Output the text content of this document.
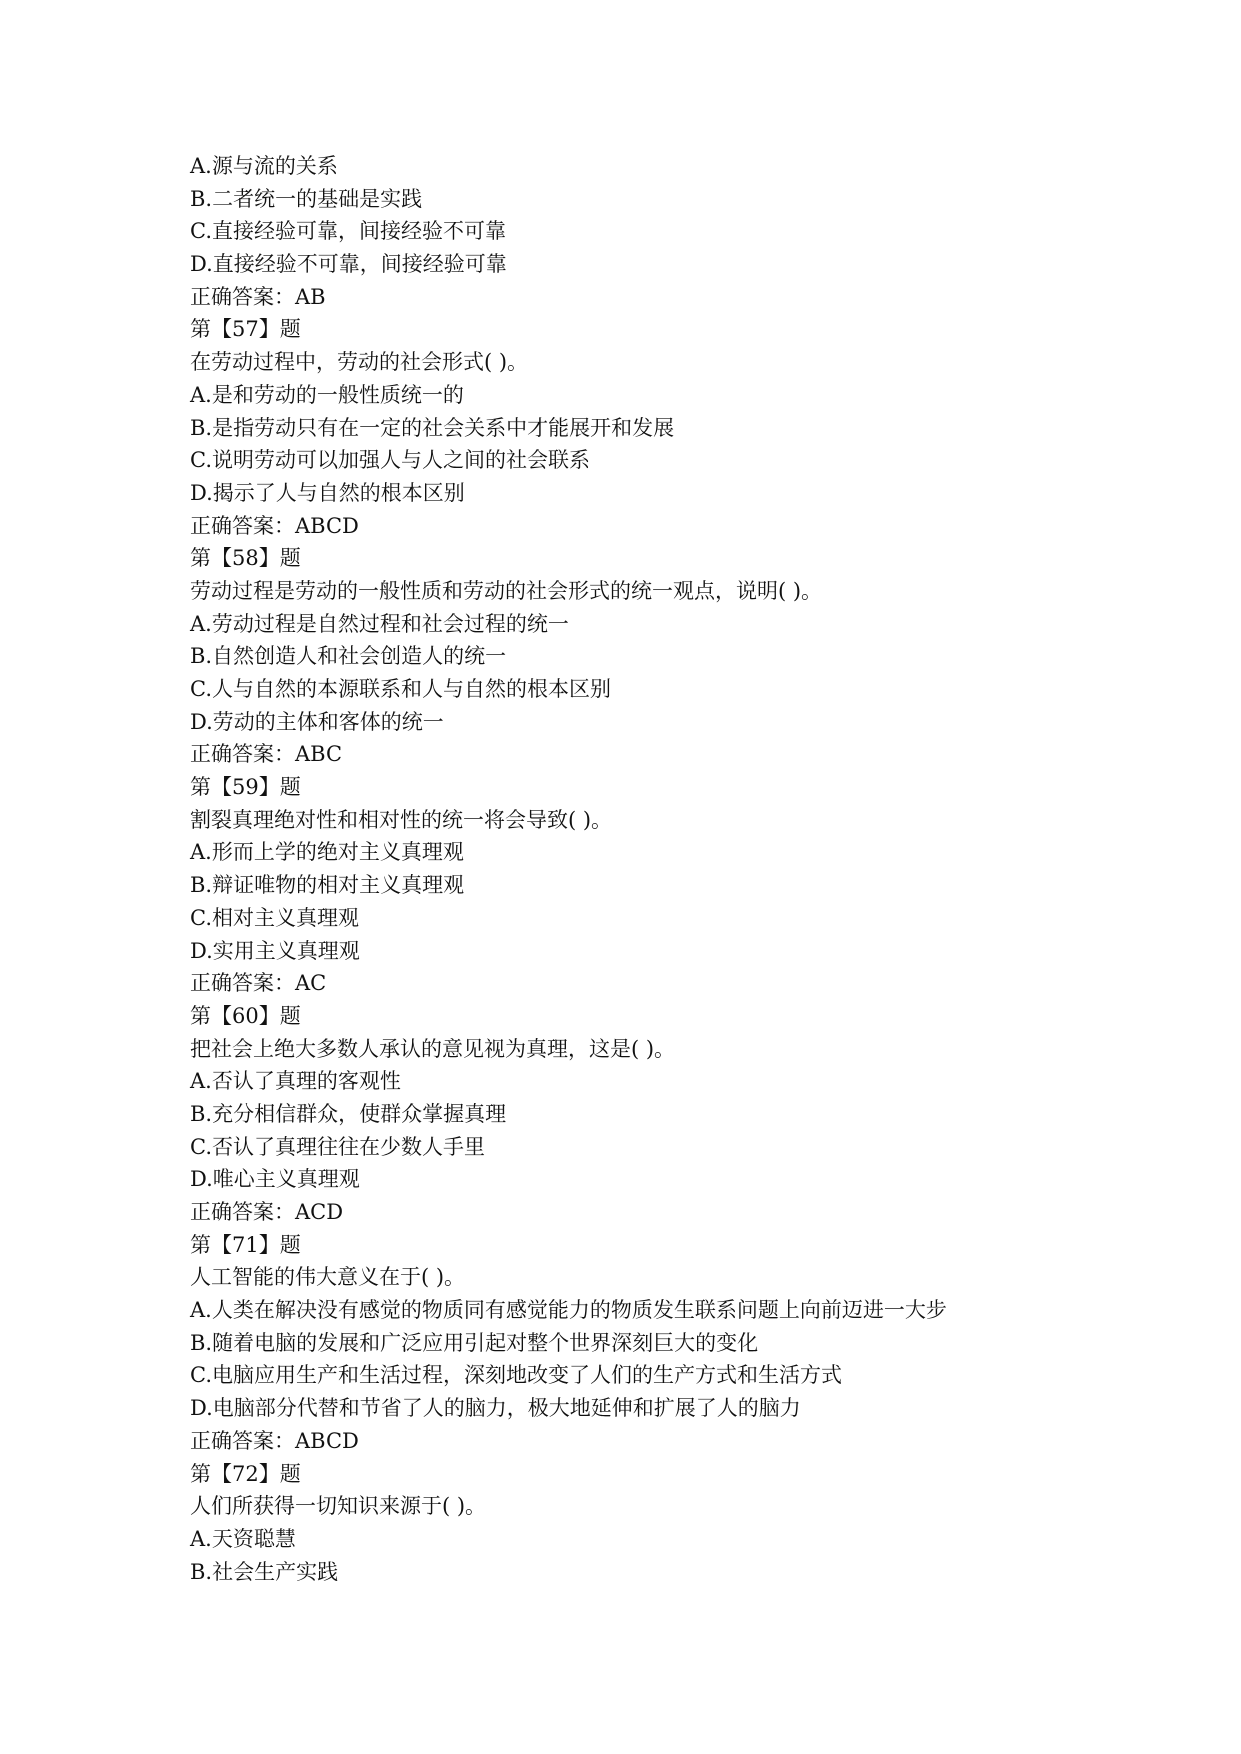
A.源与流的关系
B.二者统一的基础是实践
C.直接经验可靠，间接经验不可靠
D.直接经验不可靠，间接经验可靠
正确答案：AB
第【57】题
在劳动过程中，劳动的社会形式( )。
A.是和劳动的一般性质统一的
B.是指劳动只有在一定的社会关系中才能展开和发展
C.说明劳动可以加强人与人之间的社会联系
D.揭示了人与自然的根本区别
正确答案：ABCD
第【58】题
劳动过程是劳动的一般性质和劳动的社会形式的统一观点，说明( )。
A.劳动过程是自然过程和社会过程的统一
B.自然创造人和社会创造人的统一
C.人与自然的本源联系和人与自然的根本区别
D.劳动的主体和客体的统一
正确答案：ABC
第【59】题
割裂真理绝对性和相对性的统一将会导致( )。
A.形而上学的绝对主义真理观
B.辩证唯物的相对主义真理观
C.相对主义真理观
D.实用主义真理观
正确答案：AC
第【60】题
把社会上绝大多数人承认的意见视为真理，这是( )。
A.否认了真理的客观性
B.充分相信群众，使群众掌握真理
C.否认了真理往往在少数人手里
D.唯心主义真理观
正确答案：ACD
第【71】题
人工智能的伟大意义在于( )。
A.人类在解决没有感觉的物质同有感觉能力的物质发生联系问题上向前迈进一大步
B.随着电脑的发展和广泛应用引起对整个世界深刻巨大的变化
C.电脑应用生产和生活过程，深刻地改变了人们的生产方式和生活方式
D.电脑部分代替和节省了人的脑力，极大地延伸和扩展了人的脑力
正确答案：ABCD
第【72】题
人们所获得一切知识来源于( )。
A.天资聪慧
B.社会生产实践
